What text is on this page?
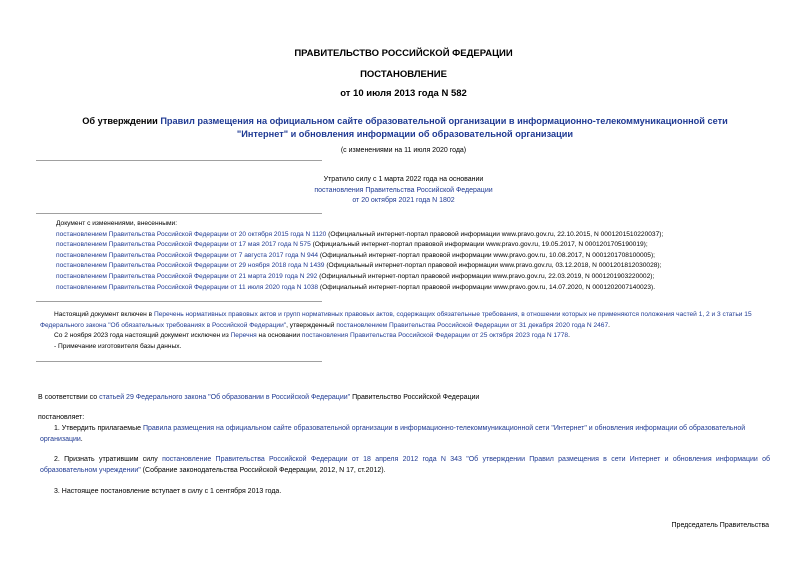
ПРАВИТЕЛЬСТВО РОССИЙСКОЙ ФЕДЕРАЦИИ
ПОСТАНОВЛЕНИЕ
от 10 июля 2013 года N 582
Об утверждении Правил размещения на официальном сайте образовательной организации в информационно-телекоммуникационной сети "Интернет" и обновления информации об образовательной организации
(с изменениями на 11 июля 2020 года)
Утратило силу с 1 марта 2022 года на основании
постановления Правительства Российской Федерации
от 20 октября 2021 года N 1802
Документ с изменениями, внесенными:
постановлением Правительства Российской Федерации от 20 октября 2015 года N 1120 (Официальный интернет-портал правовой информации www.pravo.gov.ru, 22.10.2015, N 0001201510220037);
постановлением Правительства Российской Федерации от 17 мая 2017 года N 575 (Официальный интернет-портал правовой информации www.pravo.gov.ru, 19.05.2017, N 0001201705190019);
постановлением Правительства Российской Федерации от 7 августа 2017 года N 944 (Официальный интернет-портал правовой информации www.pravo.gov.ru, 10.08.2017, N 0001201708100005);
постановлением Правительства Российской Федерации от 29 ноября 2018 года N 1439 (Официальный интернет-портал правовой информации www.pravo.gov.ru, 03.12.2018, N 0001201812030028);
постановлением Правительства Российской Федерации от 21 марта 2019 года N 292 (Официальный интернет-портал правовой информации www.pravo.gov.ru, 22.03.2019, N 0001201903220002);
постановлением Правительства Российской Федерации от 11 июля 2020 года N 1038 (Официальный интернет-портал правовой информации www.pravo.gov.ru, 14.07.2020, N 0001202007140023).
Настоящий документ включен в Перечень нормативных правовых актов и групп нормативных правовых актов, содержащих обязательные требования, в отношении которых не применяются положения частей 1, 2 и 3 статьи 15 Федерального закона "Об обязательных требованиях в Российской Федерации", утвержденный постановлением Правительства Российской Федерации от 31 декабря 2020 года N 2467.
Со 2 ноября 2023 года настоящий документ исключен из Перечня на основании постановления Правительства Российской Федерации от 25 октября 2023 года N 1778.
- Примечание изготовителя базы данных.
В соответствии со статьей 29 Федерального закона "Об образовании в Российской Федерации" Правительство Российской Федерации
постановляет:
1. Утвердить прилагаемые Правила размещения на официальном сайте образовательной организации в информационно-телекоммуникационной сети "Интернет" и обновления информации об образовательной организации.
2. Признать утратившим силу постановление Правительства Российской Федерации от 18 апреля 2012 года N 343 "Об утверждении Правил размещения в сети Интернет и обновления информации об образовательном учреждении" (Собрание законодательства Российской Федерации, 2012, N 17, ст.2012).
3. Настоящее постановление вступает в силу с 1 сентября 2013 года.
Председатель Правительства
